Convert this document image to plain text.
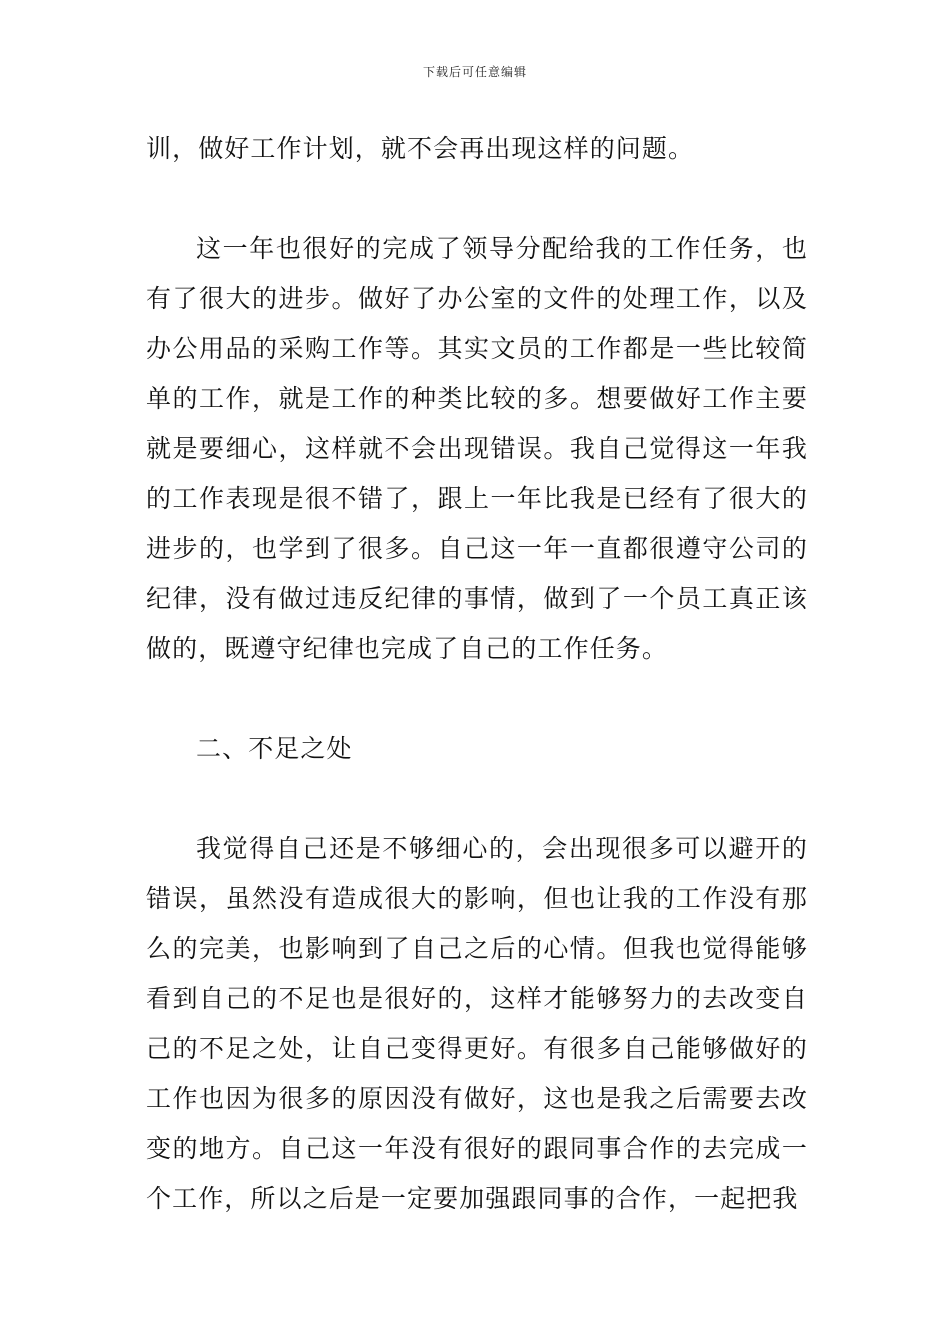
下载后可任意编辑

训，做好工作计划，就不会再出现这样的问题。

这一年也很好的完成了领导分配给我的工作任务，也有了很大的进步。做好了办公室的文件的处理工作，以及办公用品的采购工作等。其实文员的工作都是一些比较简单的工作，就是工作的种类比较的多。想要做好工作主要就是要细心，这样就不会出现错误。我自己觉得这一年我的工作表现是很不错了，跟上一年比我是已经有了很大的进步的，也学到了很多。自己这一年一直都很遵守公司的纪律，没有做过违反纪律的事情，做到了一个员工真正该做的，既遵守纪律也完成了自己的工作任务。

二、不足之处

我觉得自己还是不够细心的，会出现很多可以避开的错误，虽然没有造成很大的影响，但也让我的工作没有那么的完美，也影响到了自己之后的心情。但我也觉得能够看到自己的不足也是很好的，这样才能够努力的去改变自己的不足之处，让自己变得更好。有很多自己能够做好的工作也因为很多的原因没有做好，这也是我之后需要去改变的地方。自己这一年没有很好的跟同事合作的去完成一个工作，所以之后是一定要加强跟同事的合作，一起把我
